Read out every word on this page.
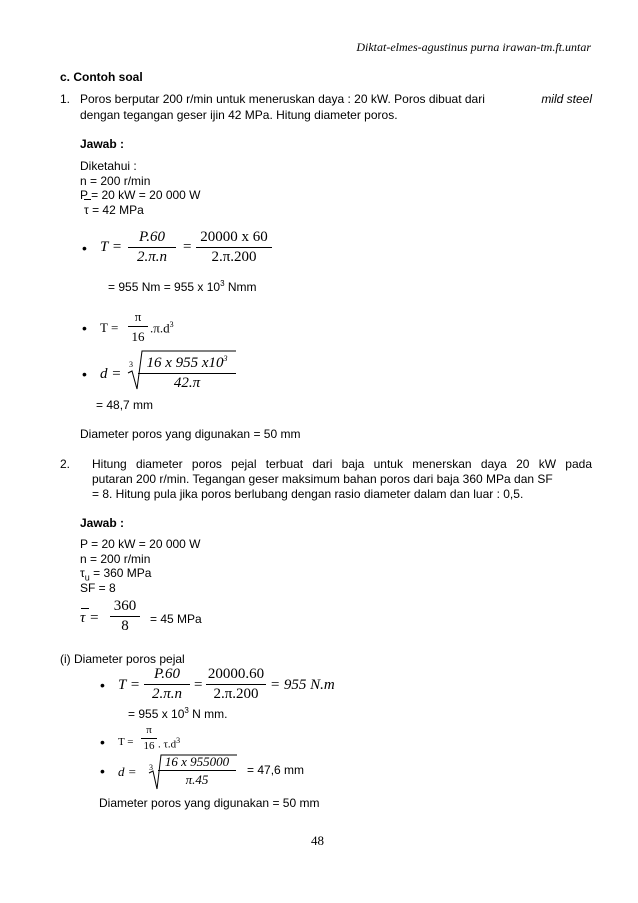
Diktat-elmes-agustinus purna irawan-tm.ft.untar
c. Contoh soal
1. Poros berputar 200 r/min untuk meneruskan daya : 20 kW. Poros dibuat dari	mild steel
dengan tegangan geser ijin 42 MPa. Hitung diameter poros.
Jawab :
Diketahui :
n = 200 r/min
P = 20 kW = 20 000 W
τ = 42 MPa
• T =
P.60
2.π.n
=
20000 x 60
2.π.200
= 955 Nm = 955 x $10^3$ Nmm
• T =
π
16
$.\pi.d^3$
• d =
3 16 x 955 $x10^3$
42.π
= 48,7 mm
Diameter poros yang digunakan = 50 mm
2. Hitung diameter poros pejal terbuat dari baja untuk menerskan daya 20 kW pada
putaran 200 r/min. Tegangan geser maksimum bahan poros dari baja 360 MPa dan SF
= 8. Hitung pula jika poros berlubang dengan rasio diameter dalam dan luar : 0,5.
Jawab :
P = 20 kW = 20 000 W
n = 200 r/min
$\tau_u = 360$ MPa
SF = 8
τ =
360
8	= 45 MPa
(i) Diameter poros pejal
• T =
P.60
2.π.n
=
20000.60
2.π.200
= 955 N.m
= 955 x $10^3$ N mm.
• T =
π
16 . $\tau.d^3$
• d = 3 16 x 955000
π.45
= 47,6 mm
Diameter poros yang digunakan = 50 mm
48
